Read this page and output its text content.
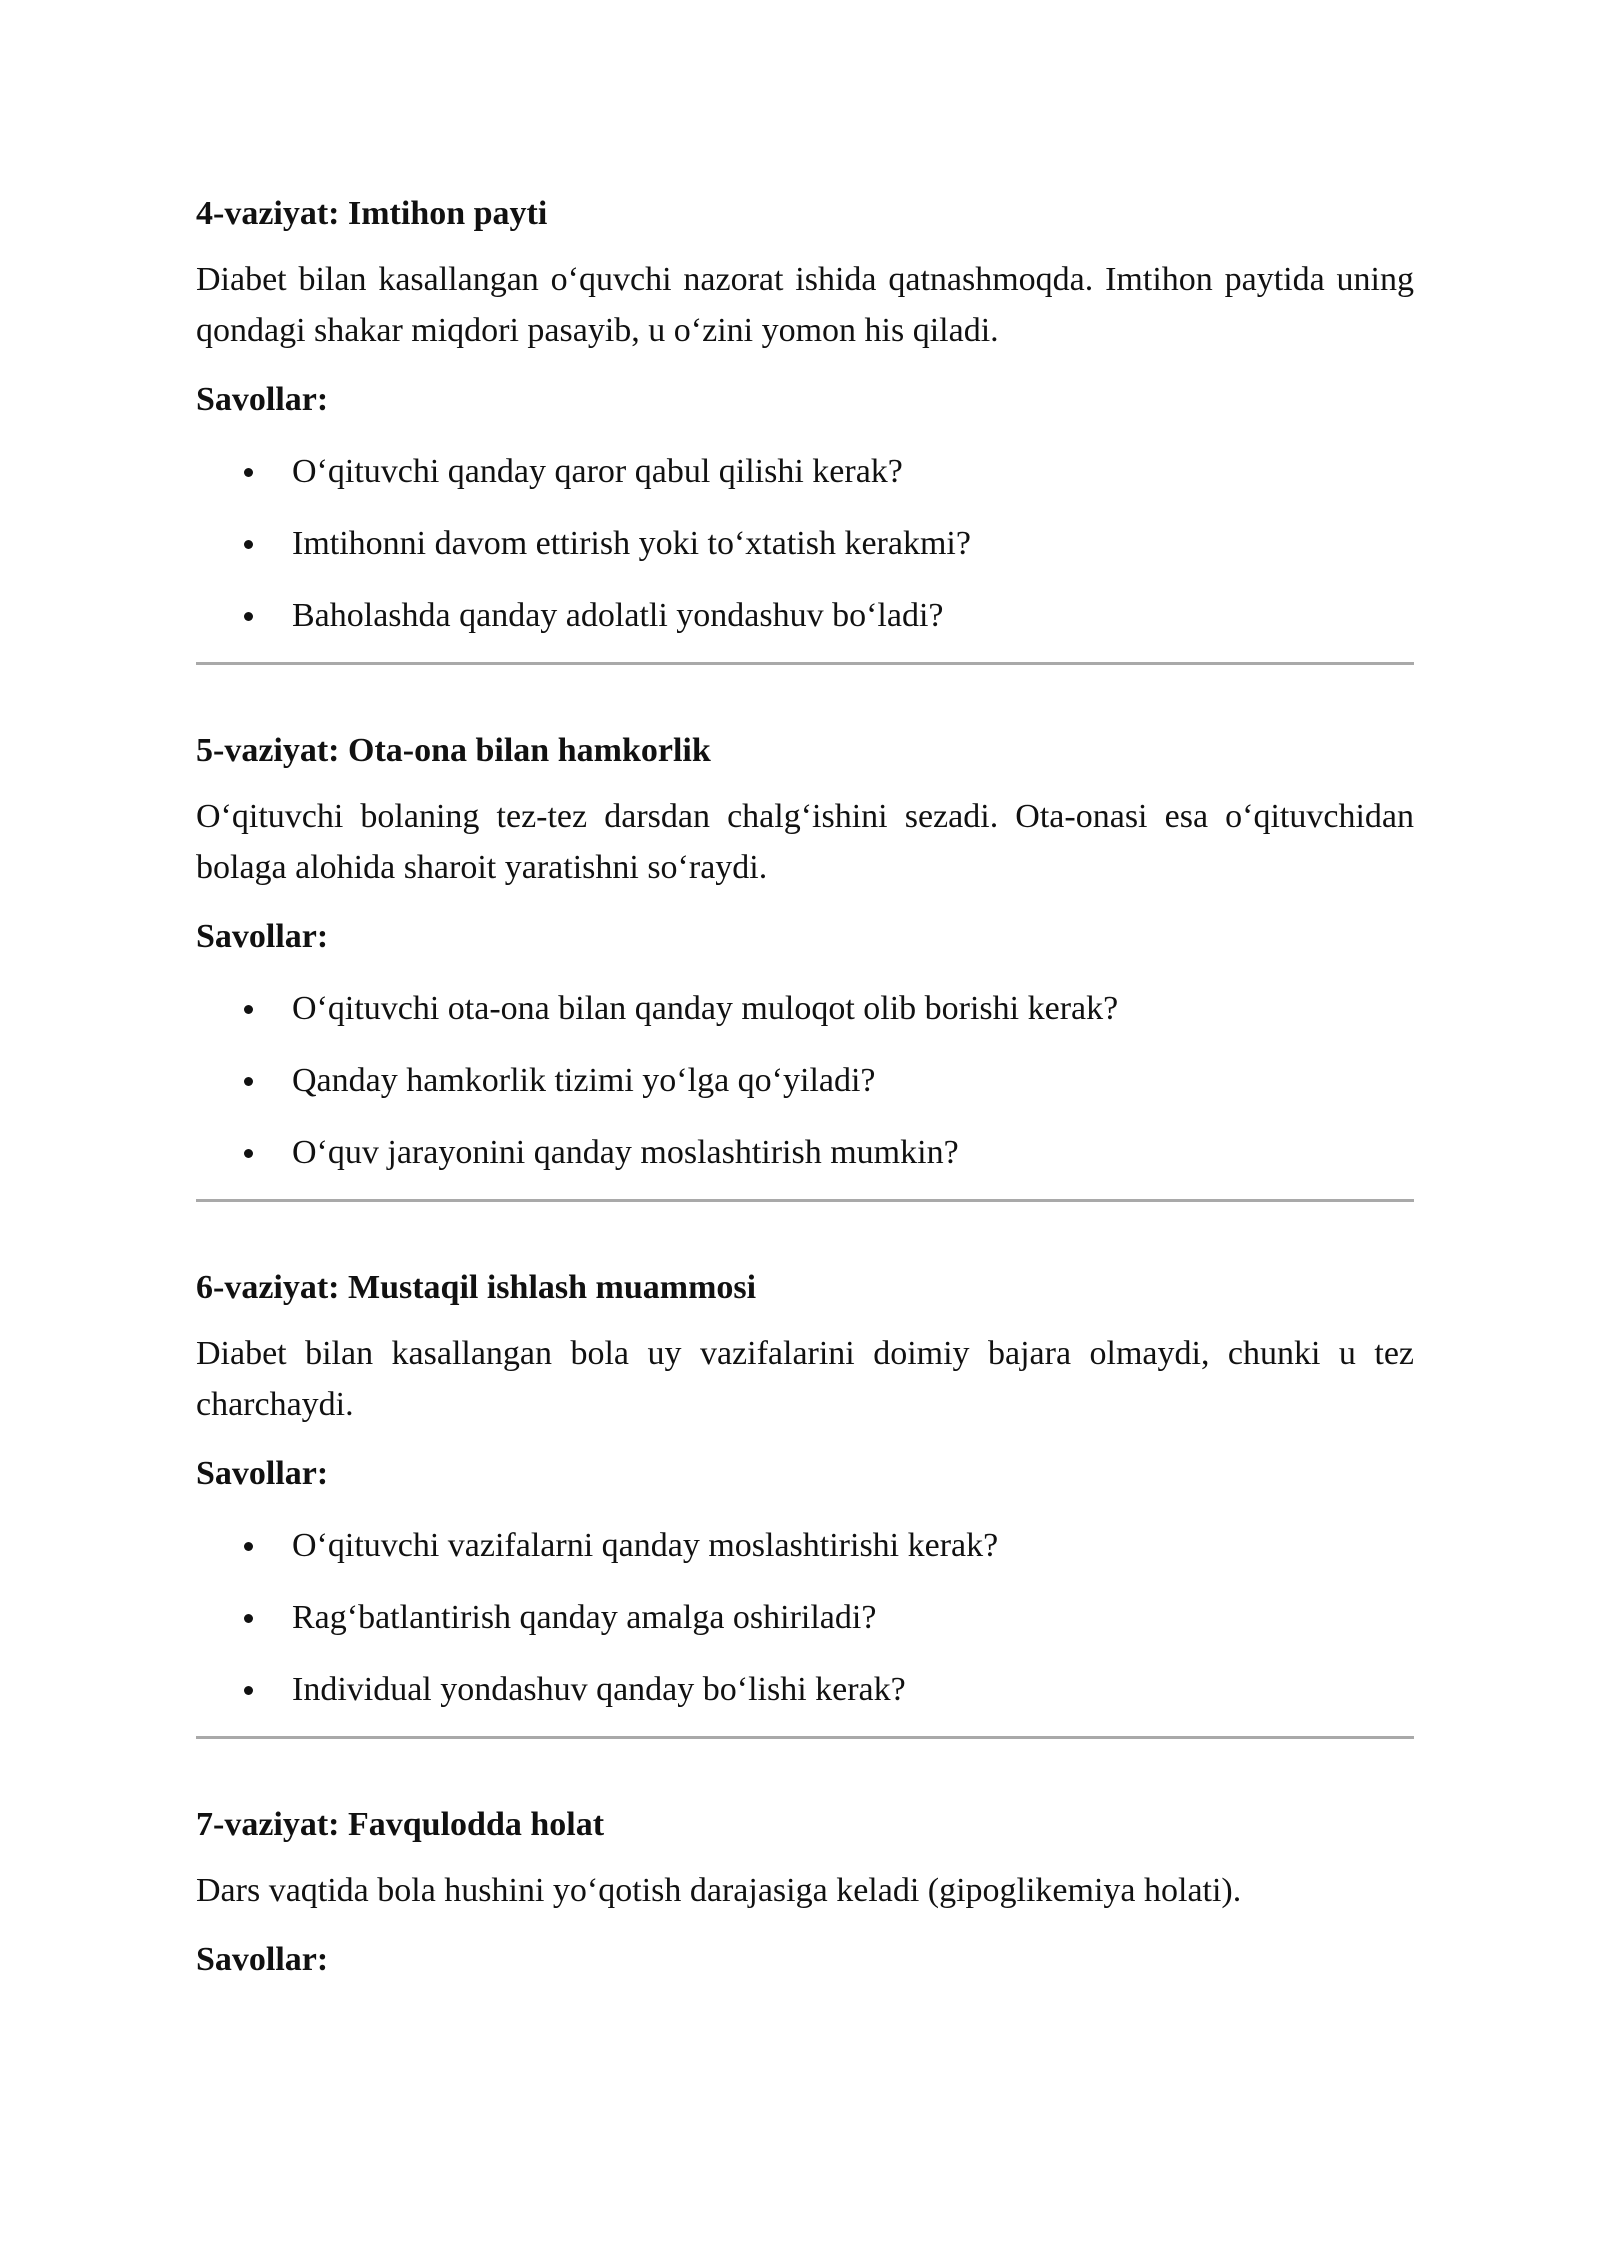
4-vaziyat: Imtihon payti

Diabet bilan kasallangan o‘quvchi nazorat ishida qatnashmoqda. Imtihon paytida uning qondagi shakar miqdori pasayib, u o‘zini yomon his qiladi.

Savollar:
O‘qituvchi qanday qaror qabul qilishi kerak?
Imtihonni davom ettirish yoki to‘xtatish kerakmi?
Baholashda qanday adolatli yondashuv bo‘ladi?
5-vaziyat: Ota-ona bilan hamkorlik

O‘qituvchi bolaning tez-tez darsdan chalg‘ishini sezadi. Ota-onasi esa o‘qituvchidan bolaga alohida sharoit yaratishni so‘raydi.

Savollar:
O‘qituvchi ota-ona bilan qanday muloqot olib borishi kerak?
Qanday hamkorlik tizimi yo‘lga qo‘yiladi?
O‘quv jarayonini qanday moslashtirish mumkin?
6-vaziyat: Mustaqil ishlash muammosi

Diabet bilan kasallangan bola uy vazifalarini doimiy bajara olmaydi, chunki u tez charchaydi.

Savollar:
O‘qituvchi vazifalarni qanday moslashtirishi kerak?
Rag‘batlantirish qanday amalga oshiriladi?
Individual yondashuv qanday bo‘lishi kerak?
7-vaziyat: Favqulodda holat

Dars vaqtida bola hushini yo‘qotish darajasiga keladi (gipoglikemiya holati).

Savollar:
